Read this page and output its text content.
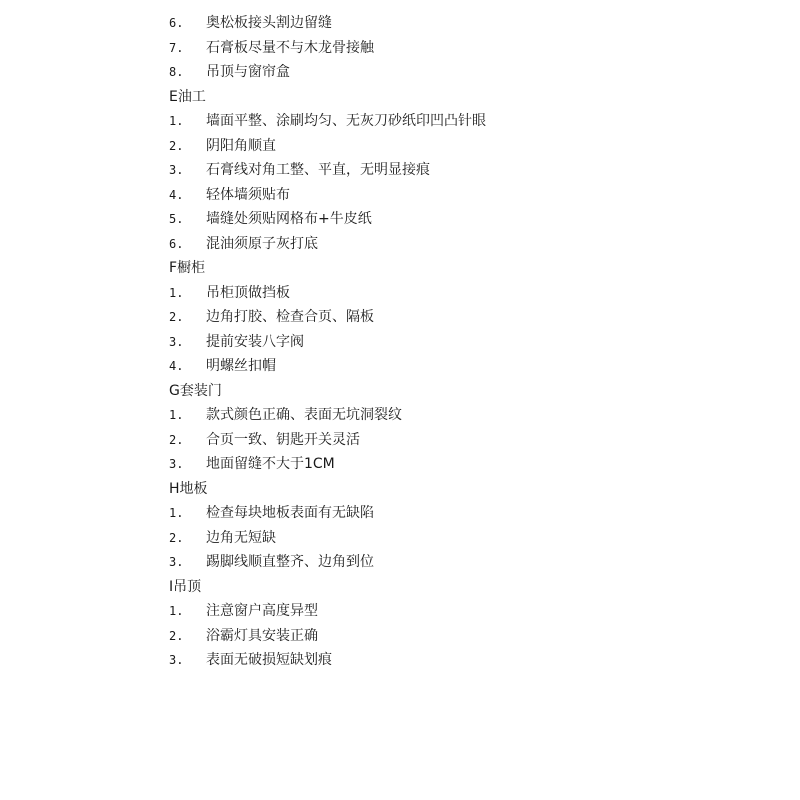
6. 奥松板接头割边留缝
7. 石膏板尽量不与木龙骨接触
8. 吊顶与窗帘盒
E油工
1. 墙面平整、涂刷均匀、无灰刀砂纸印凹凸针眼
2. 阴阳角顺直
3. 石膏线对角工整、平直，无明显接痕
4. 轻体墙须贴布
5. 墙缝处须贴网格布+牛皮纸
6. 混油须原子灰打底
F橱柜
1. 吊柜顶做挡板
2. 边角打胶、检查合页、隔板
3. 提前安装八字阀
4. 明螺丝扣帽
G套装门
1. 款式颜色正确、表面无坑洞裂纹
2. 合页一致、钥匙开关灵活
3. 地面留缝不大于1CM
H地板
1. 检查每块地板表面有无缺陷
2. 边角无短缺
3. 踢脚线顺直整齐、边角到位
I吊顶
1. 注意窗户高度异型
2. 浴霸灯具安装正确
3. 表面无破损短缺划痕
